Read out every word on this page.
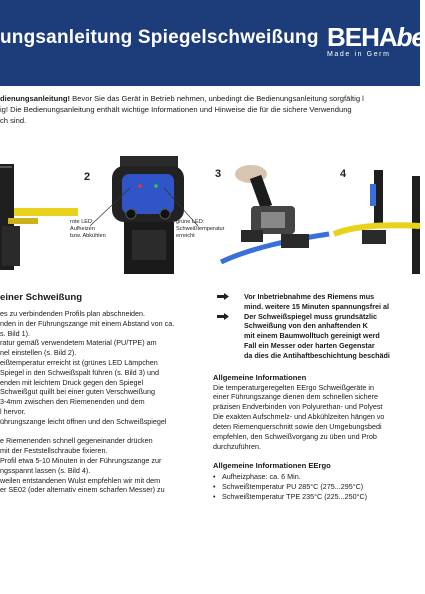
ungsanleitung Spiegelschweißung BEHAbe
Made in Germ

dienungsanleitung! Bevor Sie das Gerät in Betrieb nehmen, unbedingt die Bedienungsanleitung sorgfältig l

ig! Die Bedienungsanleitung enthält wichtige Informationen und Hinweise die für die sichere Verwendung

ch sind.

2
rote LED:
Aufheizen
bzw. Abkühlen
grüne LED:
Schweißtemperatur
erreicht
3	4
einer Schweißung
es zu verbindenden Profils plan abschneiden.
nden in der Führungszange mit einem Abstand von ca.
s. Bild 1).
ratur gemäß verwendetem Material (PU/TPE) am
nel einstellen (s. Bild 2).
eißtemperatur erreicht ist (grünes LED Lämpchen
Spiegel in den Schweißspalt führen (s. Bild 3) und
enden mit leichtem Druck gegen den Spiegel
Schweißgut quillt bei einer guten Verschweißung
3-4mm zwischen den Riemenenden und dem
l hervor.
ührungszange leicht öffnen und den Schweißspiegel
e Riemenenden schnell gegeneinander drücken
mit der Feststellschraube fixieren.
Profil etwa 5-10 Minuten in der Führungszange zur
ngsspannt lassen (s. Bild 4).
weilen entstandenen Wulst empfehlen wir mit dem
er SE02 (oder alternativ einem scharfen Messer) zu
Vor Inbetriebnahme des Riemens mus
mind. weitere 15 Minuten spannungsfrei al
Der Schweißspiegel muss grundsätzlic
Schweißung von den anhaftenden K
mit einem Baumwolltuch gereinigt werd
Fall ein Messer oder harten Gegenstar
da dies die Antihaftbeschichtung beschädi
Allgemeine Informationen
Die temperaturgeregelten EErgo Schweißgeräte in
einer Führungszange dienen dem schnellen sichere
präzisen Endverbinden von Polyurethan- und Polyest
Die exakten Aufschmelz- und Abkühlzeiten hängen vo
deten Riemenquerschnitt sowie den Umgebungsbedi
empfehlen, den Schweißvorgang zu üben und Prob
durchzuführen.
Allgemeine Informationen EErgo
• Aufheizphase: ca. 6 Min.
• Schweißtemperatur PU 285°C (275...295°C)
• Schweißtemperatur TPE 235°C (225...250°C)
